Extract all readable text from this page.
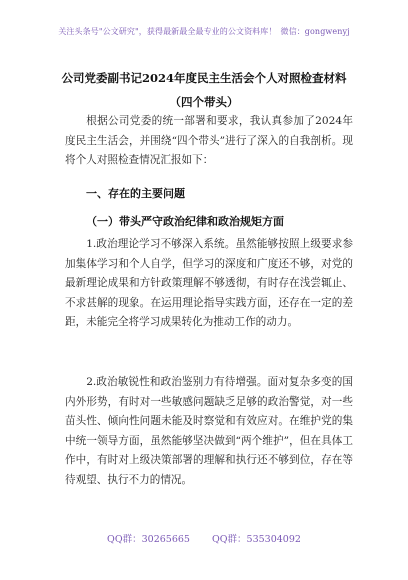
关注头条号"公文研究"，获得最新最全最专业的公文资料库！ 微信：gongwenyj
公司党委副书记2024年度民主生活会个人对照检查材料
（四个带头）

根据公司党委的统一部署和要求，我认真参加了2024年度民主生活会，并围绕“四个带头”进行了深入的自我剖析。现将个人对照检查情况汇报如下：

一、存在的主要问题
（一）带头严守政治纪律和政治规矩方面

1.政治理论学习不够深入系统。虽然能够按照上级要求参加集体学习和个人自学，但学习的深度和广度还不够，对党的最新理论成果和方针政策理解不够透彻，有时存在浅尝辄止、不求甚解的现象。在运用理论指导实践方面，还存在一定的差距，未能完全将学习成果转化为推动工作的动力。

2.政治敏锐性和政治鉴别力有待增强。面对复杂多变的国内外形势，有时对一些敏感问题缺乏足够的政治警觉，对一些苗头性、倾向性问题未能及时察觉和有效应对。在维护党的集中统一领导方面，虽然能够坚决做到“两个维护”，但在具体工作中，有时对上级决策部署的理解和执行还不够到位，存在等待观望、执行不力的情况。

QQ群：30265665 QQ群：535304092
